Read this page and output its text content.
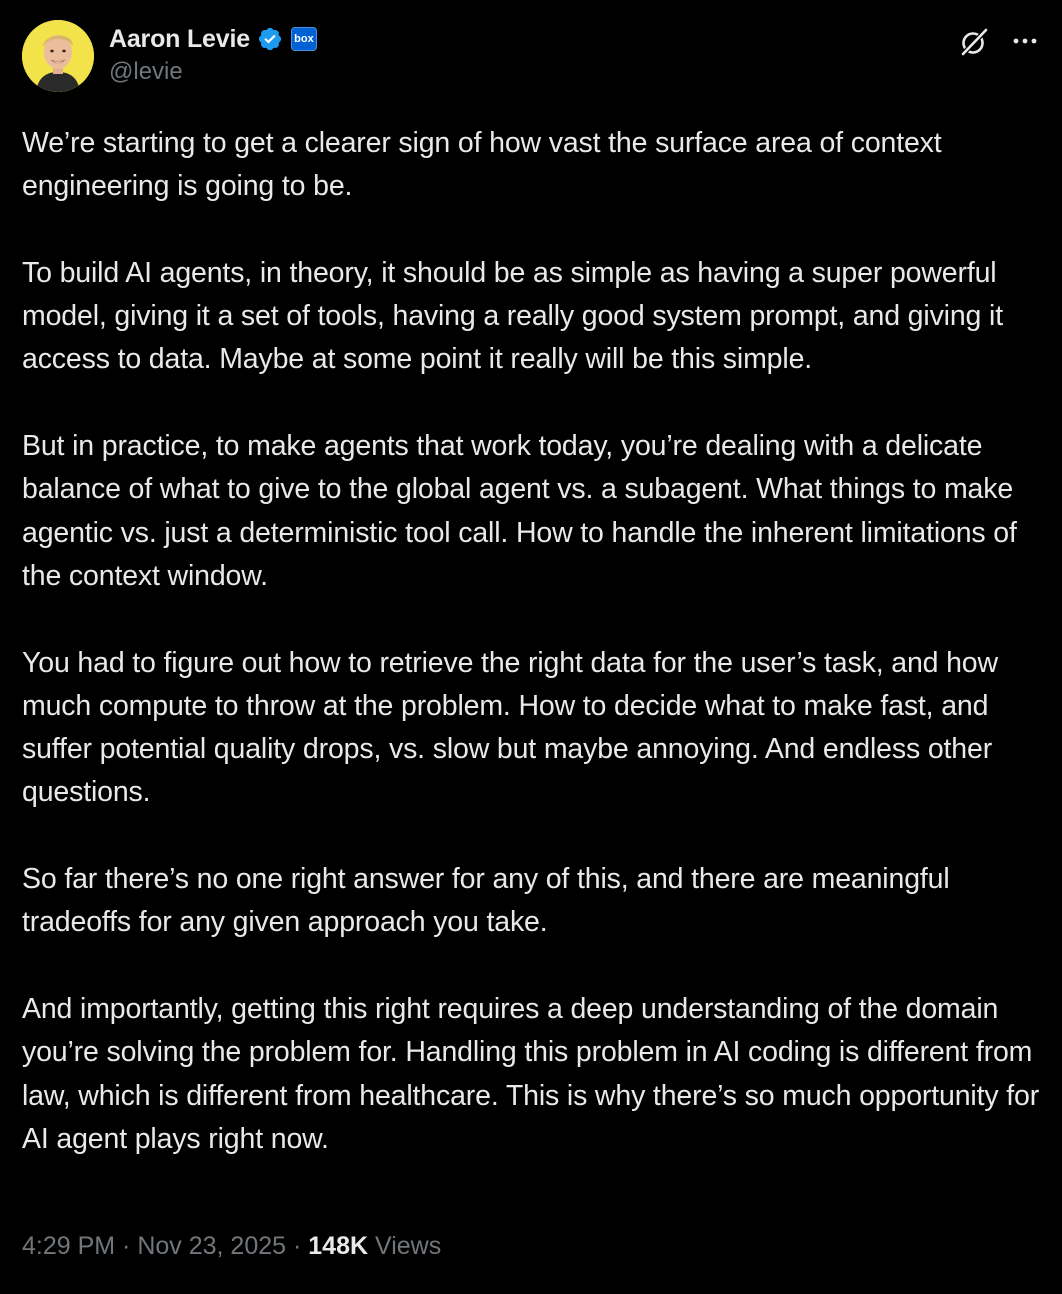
Aaron Levie	box
@levie

We’re starting to get a clearer sign of how vast the surface area of context engineering is going to be.

To build AI agents, in theory, it should be as simple as having a super powerful model, giving it a set of tools, having a really good system prompt, and giving it access to data. Maybe at some point it really will be this simple.

But in practice, to make agents that work today, you’re dealing with a delicate balance of what to give to the global agent vs. a subagent. What things to make agentic vs. just a deterministic tool call. How to handle the inherent limitations of the context window.

You had to figure out how to retrieve the right data for the user’s task, and how much compute to throw at the problem. How to decide what to make fast, and suffer potential quality drops, vs. slow but maybe annoying. And endless other questions.

So far there’s no one right answer for any of this, and there are meaningful tradeoffs for any given approach you take.

And importantly, getting this right requires a deep understanding of the domain you’re solving the problem for. Handling this problem in AI coding is different from law, which is different from healthcare. This is why there’s so much opportunity for AI agent plays right now.

4:29 PM · Nov 23, 2025 · 148K Views
